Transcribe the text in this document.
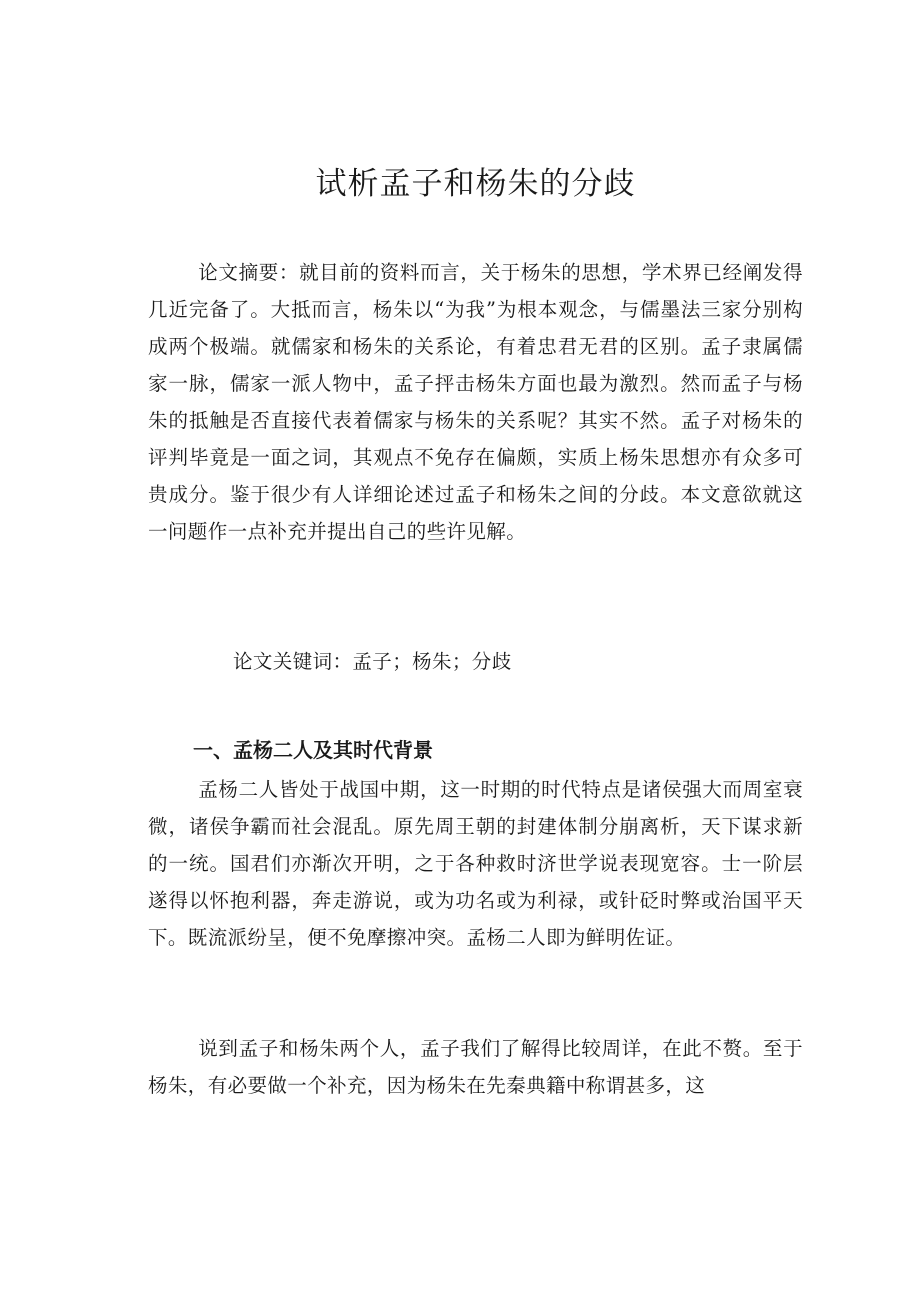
试析孟子和杨朱的分歧

论文摘要：就目前的资料而言，关于杨朱的思想，学术界已经阐发得几近完备了。大抵而言，杨朱以“为我”为根本观念，与儒墨法三家分别构成两个极端。就儒家和杨朱的关系论，有着忠君无君的区别。孟子隶属儒家一脉，儒家一派人物中，孟子抨击杨朱方面也最为激烈。然而孟子与杨朱的抵触是否直接代表着儒家与杨朱的关系呢？其实不然。孟子对杨朱的评判毕竟是一面之词，其观点不免存在偏颇，实质上杨朱思想亦有众多可贵成分。鉴于很少有人详细论述过孟子和杨朱之间的分歧。本文意欲就这一问题作一点补充并提出自己的些许见解。

论文关键词：孟子；杨朱；分歧
一、孟杨二人及其时代背景

孟杨二人皆处于战国中期，这一时期的时代特点是诸侯强大而周室衰微，诸侯争霸而社会混乱。原先周王朝的封建体制分崩离析，天下谋求新的一统。国君们亦渐次开明，之于各种救时济世学说表现宽容。士一阶层遂得以怀抱利器，奔走游说，或为功名或为利禄，或针砭时弊或治国平天下。既流派纷呈，便不免摩擦冲突。孟杨二人即为鲜明佐证。

说到孟子和杨朱两个人，孟子我们了解得比较周详，在此不赘。至于杨朱，有必要做一个补充，因为杨朱在先秦典籍中称谓甚多，这
